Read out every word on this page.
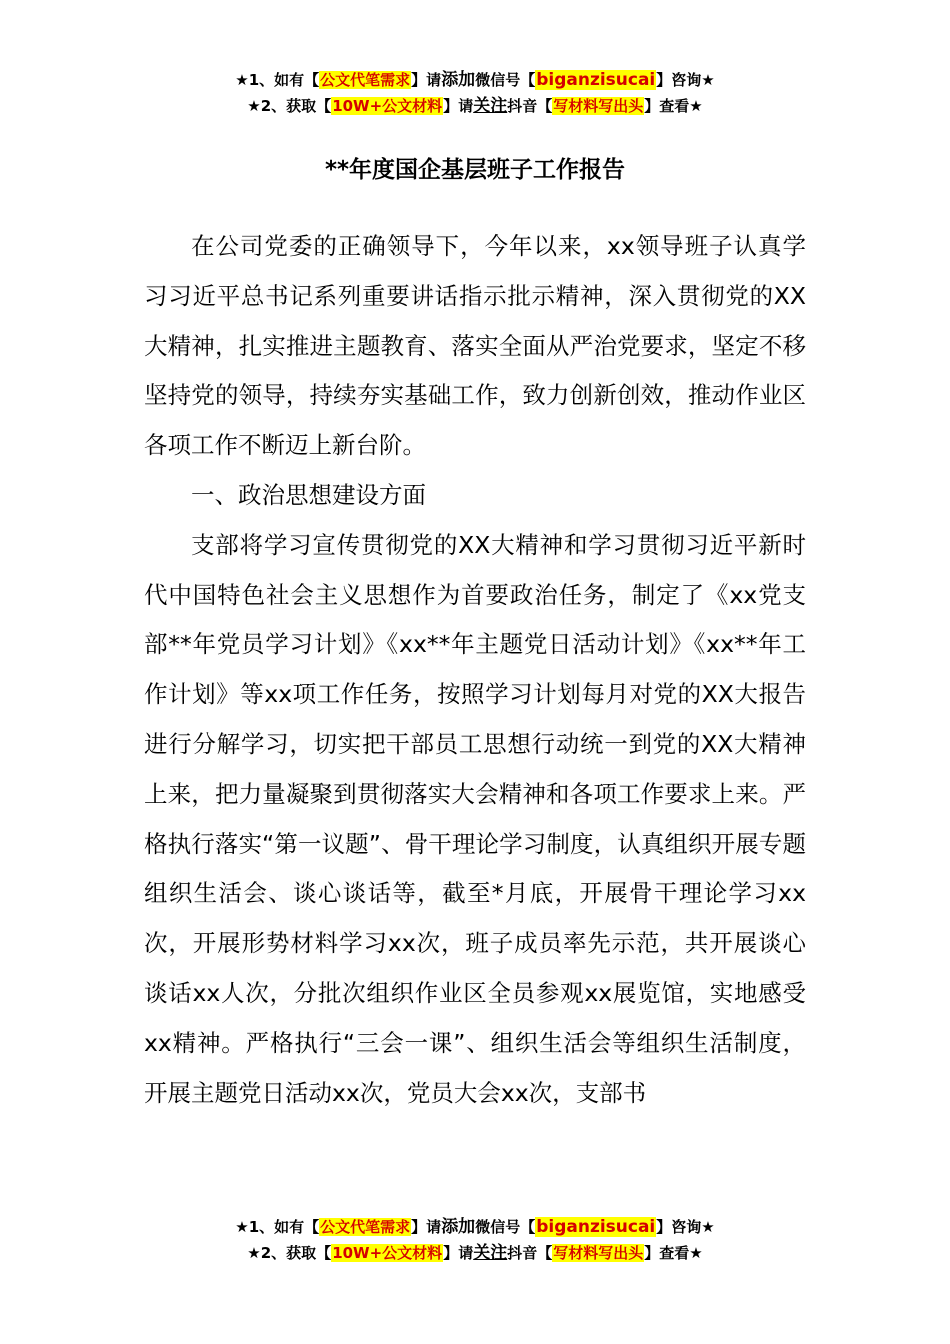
★1、如有【公文代笔需求】请添加微信号【biganzisucai】咨询★
★2、获取【10W+公文材料】请关注抖音【写材料写出头】查看★
**年度国企基层班子工作报告

在公司党委的正确领导下，今年以来，xx领导班子认真学习习近平总书记系列重要讲话指示批示精神，深入贯彻党的XX大精神，扎实推进主题教育、落实全面从严治党要求，坚定不移坚持党的领导，持续夯实基础工作，致力创新创效，推动作业区各项工作不断迈上新台阶。

一、政治思想建设方面

支部将学习宣传贯彻党的XX大精神和学习贯彻习近平新时代中国特色社会主义思想作为首要政治任务，制定了《xx党支部**年党员学习计划》《xx**年主题党日活动计划》《xx**年工作计划》等xx项工作任务，按照学习计划每月对党的XX大报告进行分解学习，切实把干部员工思想行动统一到党的XX大精神上来，把力量凝聚到贯彻落实大会精神和各项工作要求上来。严格执行落实“第一议题”、骨干理论学习制度，认真组织开展专题组织生活会、谈心谈话等，截至*月底，开展骨干理论学习xx次，开展形势材料学习xx次，班子成员率先示范，共开展谈心谈话xx人次，分批次组织作业区全员参观xx展览馆，实地感受xx精神。严格执行“三会一课”、组织生活会等组织生活制度，开展主题党日活动xx次，党员大会xx次，支部书

★1、如有【公文代笔需求】请添加微信号【biganzisucai】咨询★
★2、获取【10W+公文材料】请关注抖音【写材料写出头】查看★
